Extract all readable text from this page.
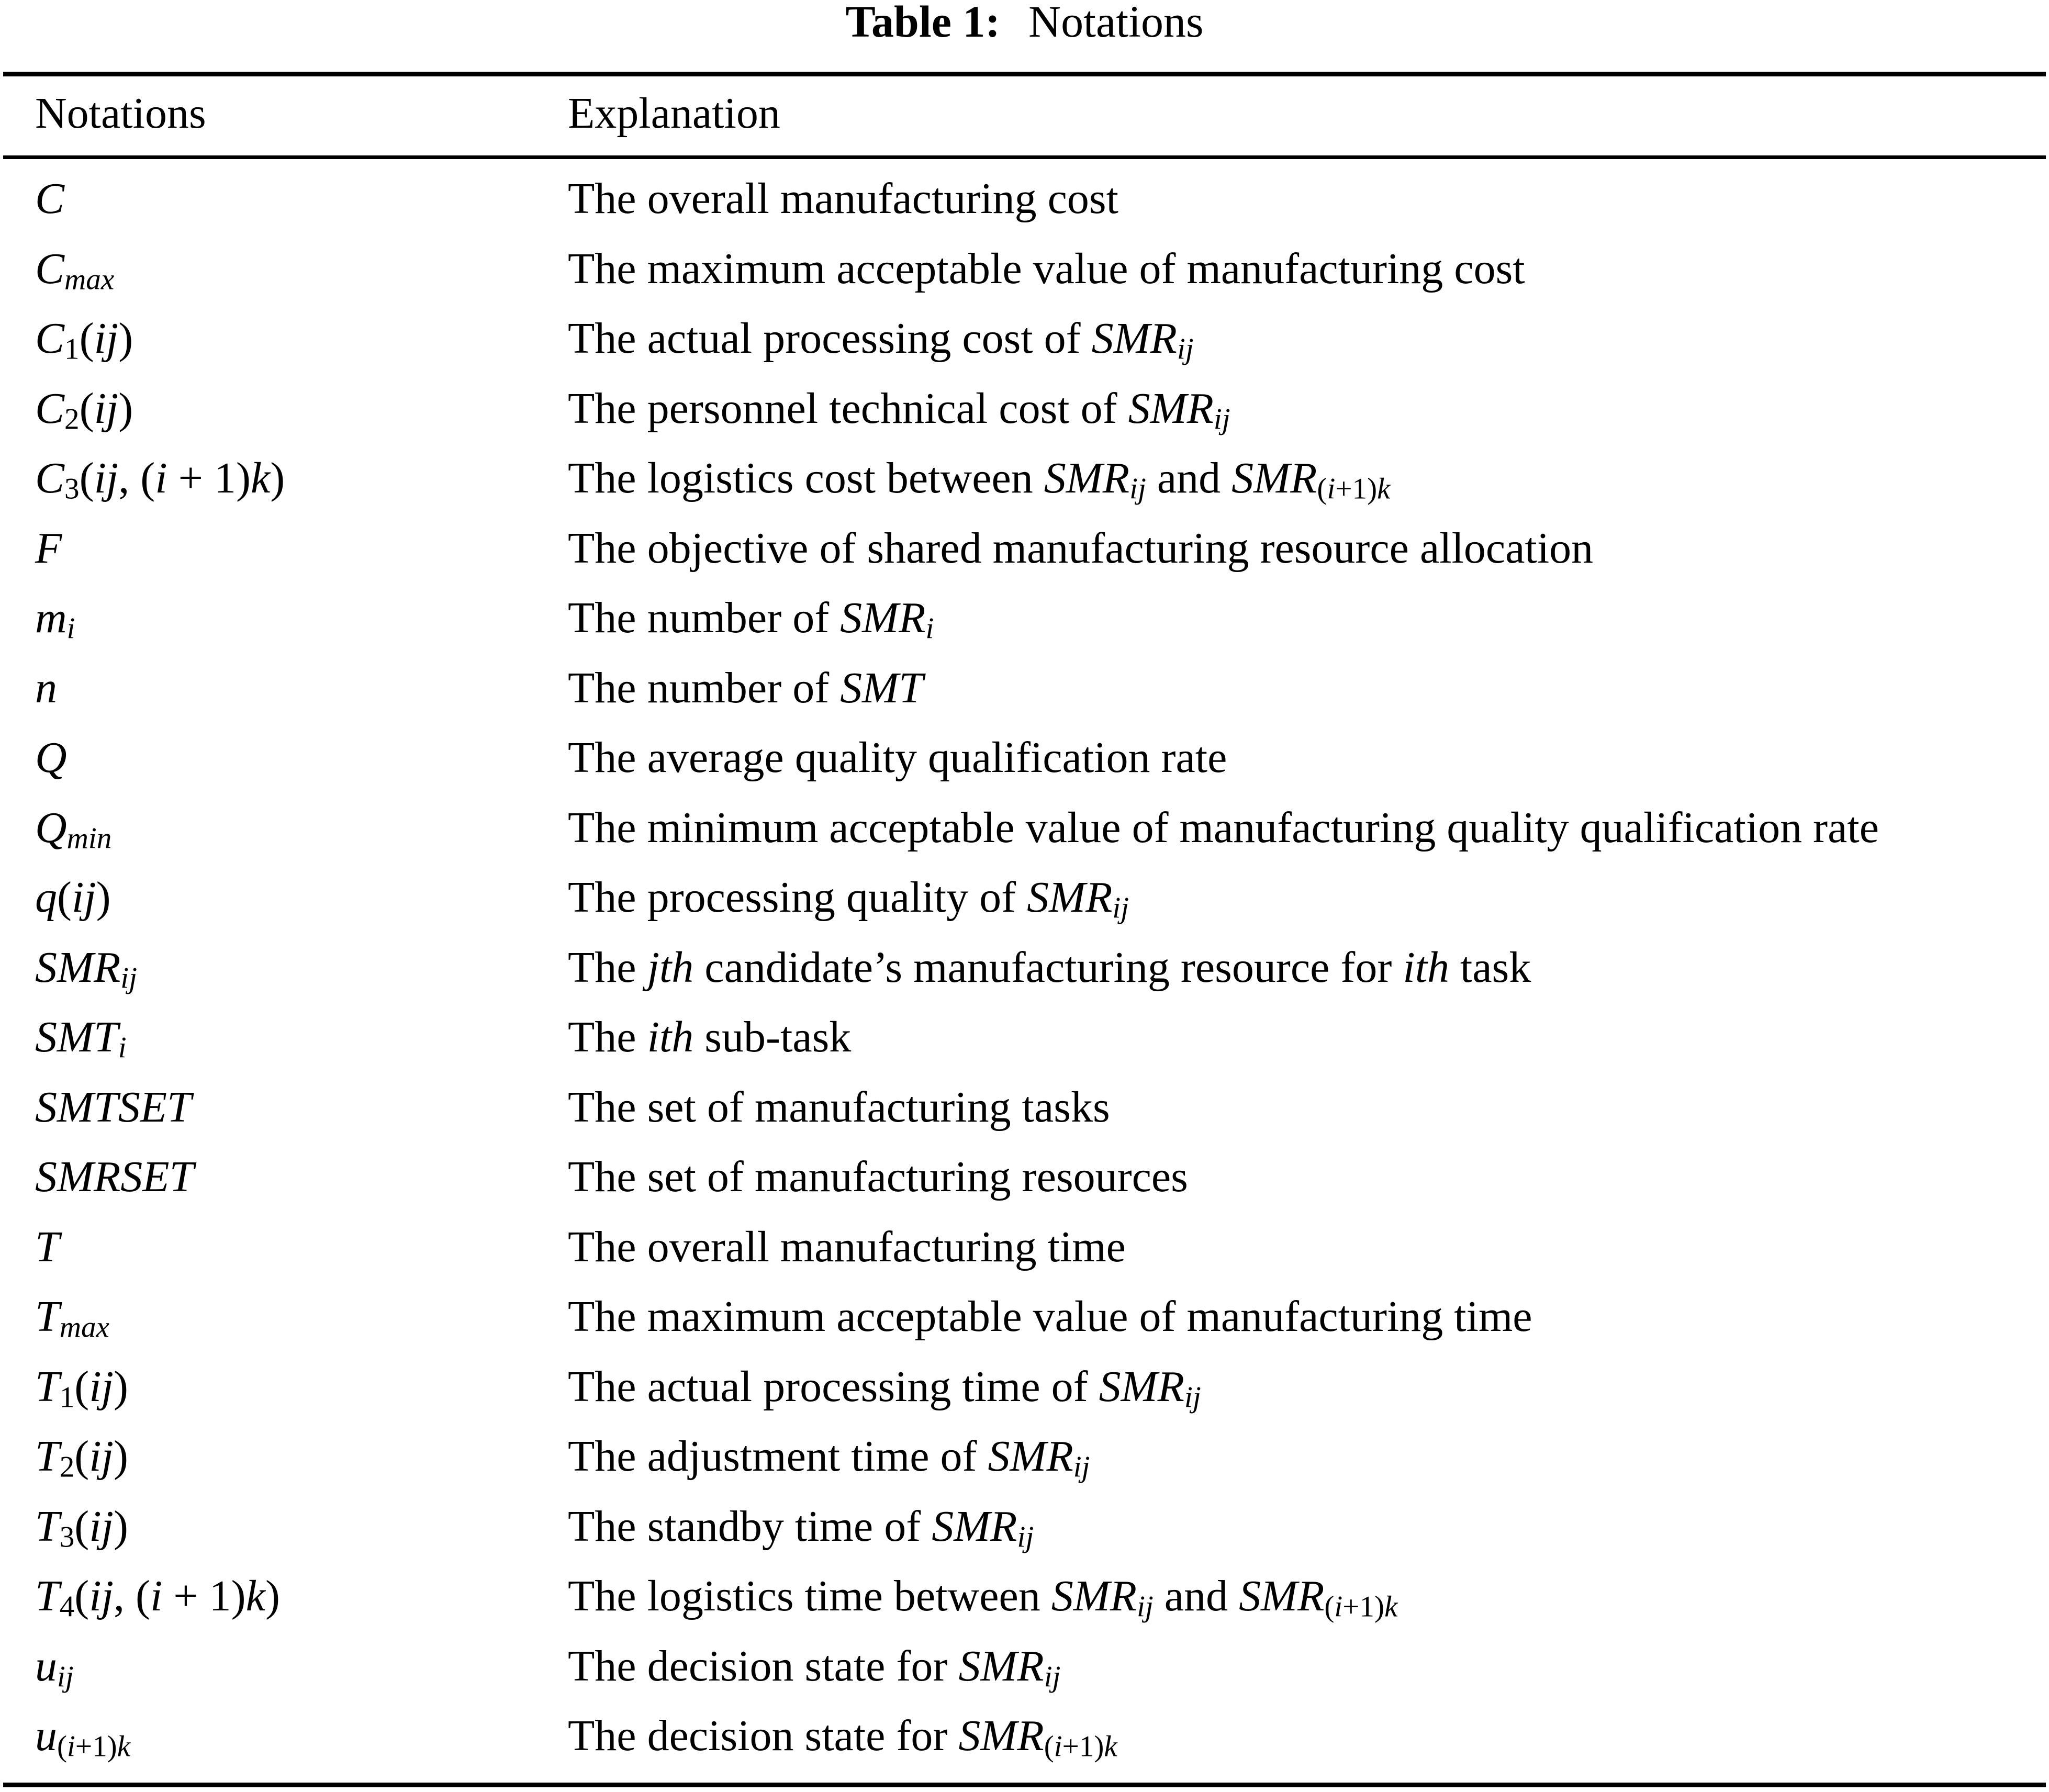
Table 1: Notations
Notations	Explanation
C	The overall manufacturing cost
$C_{max}$	The maximum acceptable value of manufacturing cost
$C_1(ij)$	The actual processing cost of $SMR_{ij}$
$C_2(ij)$	The personnel technical cost of $SMR_{ij}$
$C_3(ij$, (i + 1)k)	The logistics cost between $SMR_{ij}$ and $SMR_{(i+1)k}$
F	The objective of shared manufacturing resource allocation
$m_i$	The number of $SMR_i$
n	The number of SMT
Q	The average quality qualification rate
$Q_{min}$	The minimum acceptable value of manufacturing quality qualification rate
q(ij)	The processing quality of $SMR_{ij}$
$SMR_{ij}$	The jth candidate’s manufacturing resource for ith task
$SMT_i$	The ith sub-task
SMTSET	The set of manufacturing tasks
SMRSET	The set of manufacturing resources
T	The overall manufacturing time
$T_{max}$	The maximum acceptable value of manufacturing time
$T_1(ij)$	The actual processing time of $SMR_{ij}$
$T_2(ij)$	The adjustment time of $SMR_{ij}$
$T_3(ij)$	The standby time of $SMR_{ij}$
$T_4(ij$, (i + 1)k)	The logistics time between $SMR_{ij}$ and $SMR_{(i+1)k}$
$u_{ij}$	The decision state for $SMR_{ij}$
$u_{(i+1)k}$	The decision state for $SMR_{(i+1)k}$
